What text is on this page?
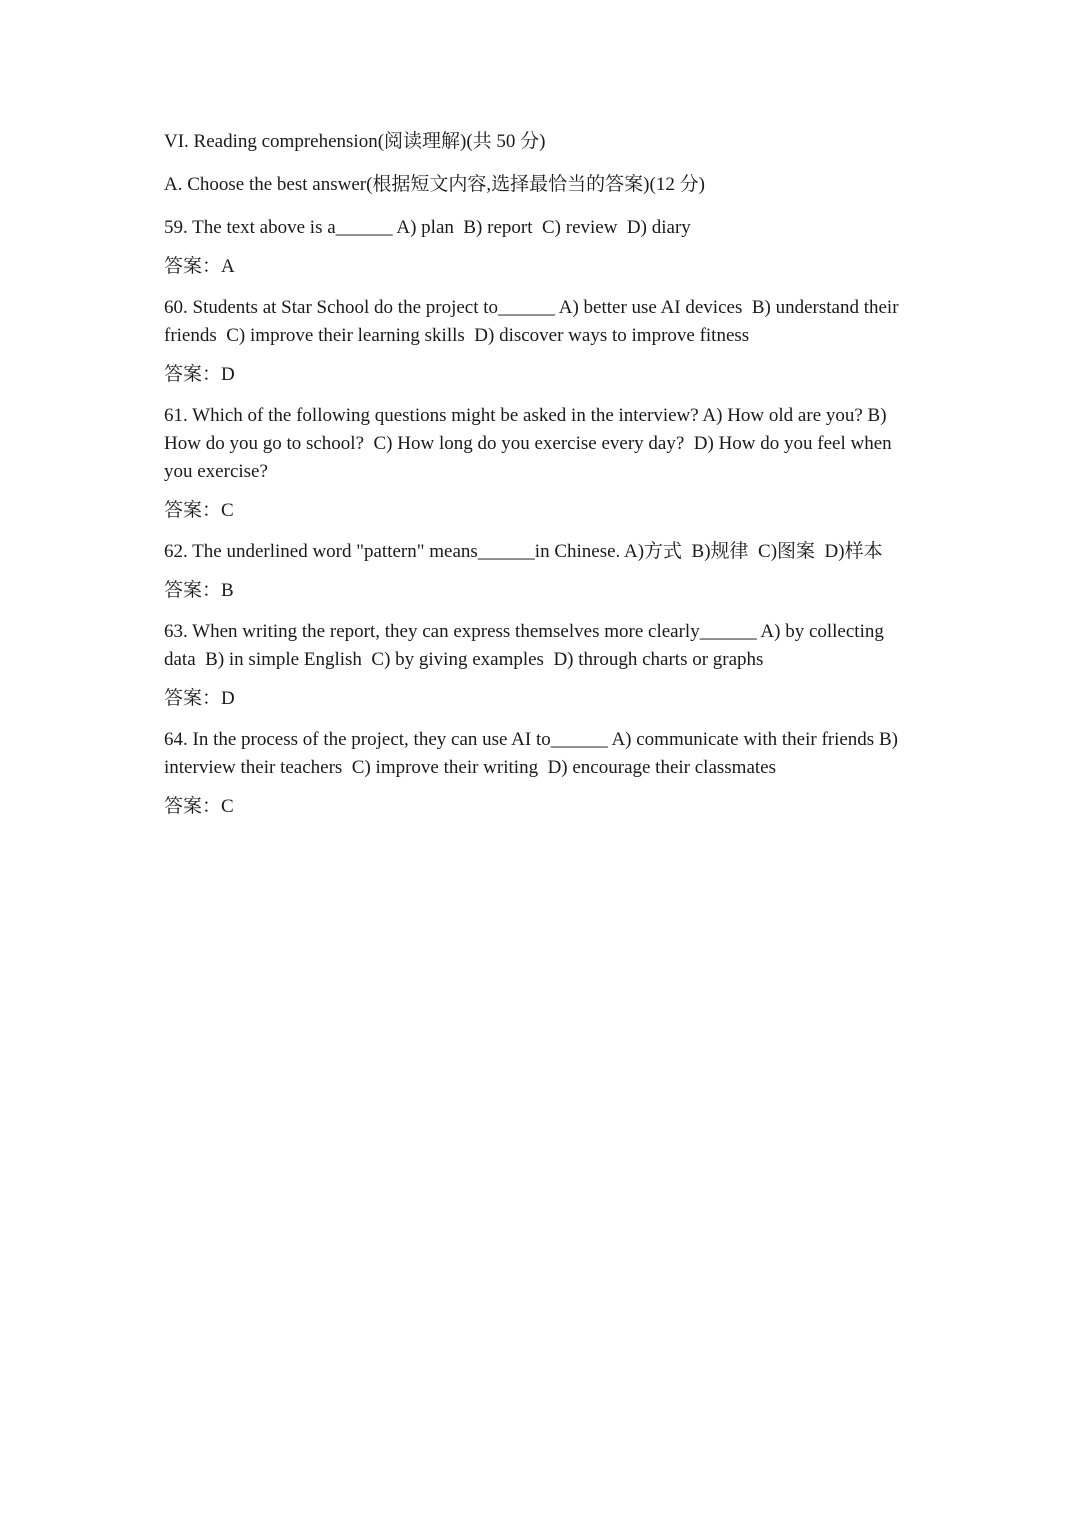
VI. Reading comprehension(阅读理解)(共 50 分)

A. Choose the best answer(根据短文内容,选择最恰当的答案)(12 分)

59. The text above is a______ A) plan  B) report  C) review  D) diary

答案：A

60. Students at Star School do the project to______ A) better use AI devices  B) understand their friends  C) improve their learning skills  D) discover ways to improve fitness

答案：D

61. Which of the following questions might be asked in the interview? A) How old are you? B) How do you go to school?  C) How long do you exercise every day?  D) How do you feel when you exercise?

答案：C

62. The underlined word "pattern" means______in Chinese. A)方式  B)规律  C)图案  D)样本

答案：B

63. When writing the report, they can express themselves more clearly______ A) by collecting data  B) in simple English  C) by giving examples  D) through charts or graphs

答案：D

64. In the process of the project, they can use AI to______ A) communicate with their friends B) interview their teachers  C) improve their writing  D) encourage their classmates

答案：C
